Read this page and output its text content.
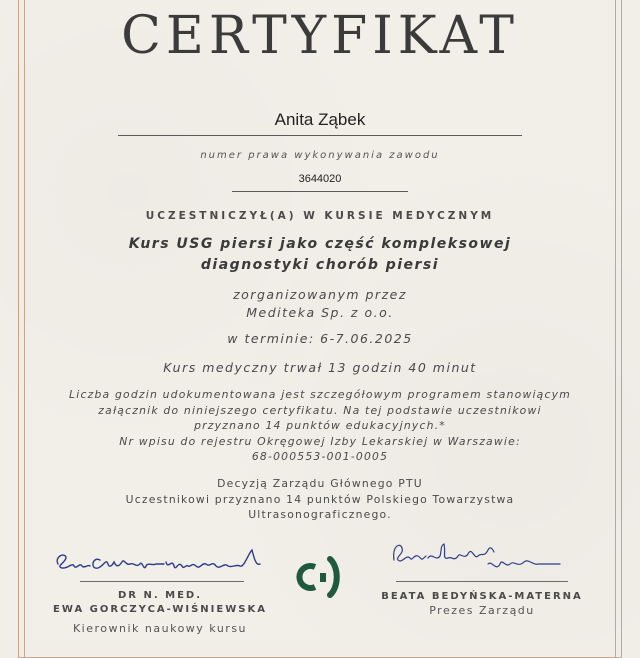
CERTYFIKAT
Anita Ząbek
numer prawa wykonywania zawodu
3644020
UCZESTNICZYŁ(A) W KURSIE MEDYCZNYM
Kurs USG piersi jako część kompleksowej
diagnostyki chorób piersi
zorganizowanym przez
Mediteka Sp. z o.o.
w terminie: 6-7.06.2025
Kurs medyczny trwał 13 godzin 40 minut
Liczba godzin udokumentowana jest szczegółowym programem stanowiącym
załącznik do niniejszego certyfikatu. Na tej podstawie uczestnikowi
przyznano 14 punktów edukacyjnych.*
Nr wpisu do rejestru Okręgowej Izby Lekarskiej w Warszawie:
68-000553-001-0005
Decyzją Zarządu Głównego PTU
Uczestnikowi przyznano 14 punktów Polskiego Towarzystwa
Ultrasonograficznego.
DR N. MED.
EWA GORCZYCA-WIŚNIEWSKA
Kierownik naukowy kursu
BEATA BEDYŃSKA-MATERNA
Prezes Zarządu
